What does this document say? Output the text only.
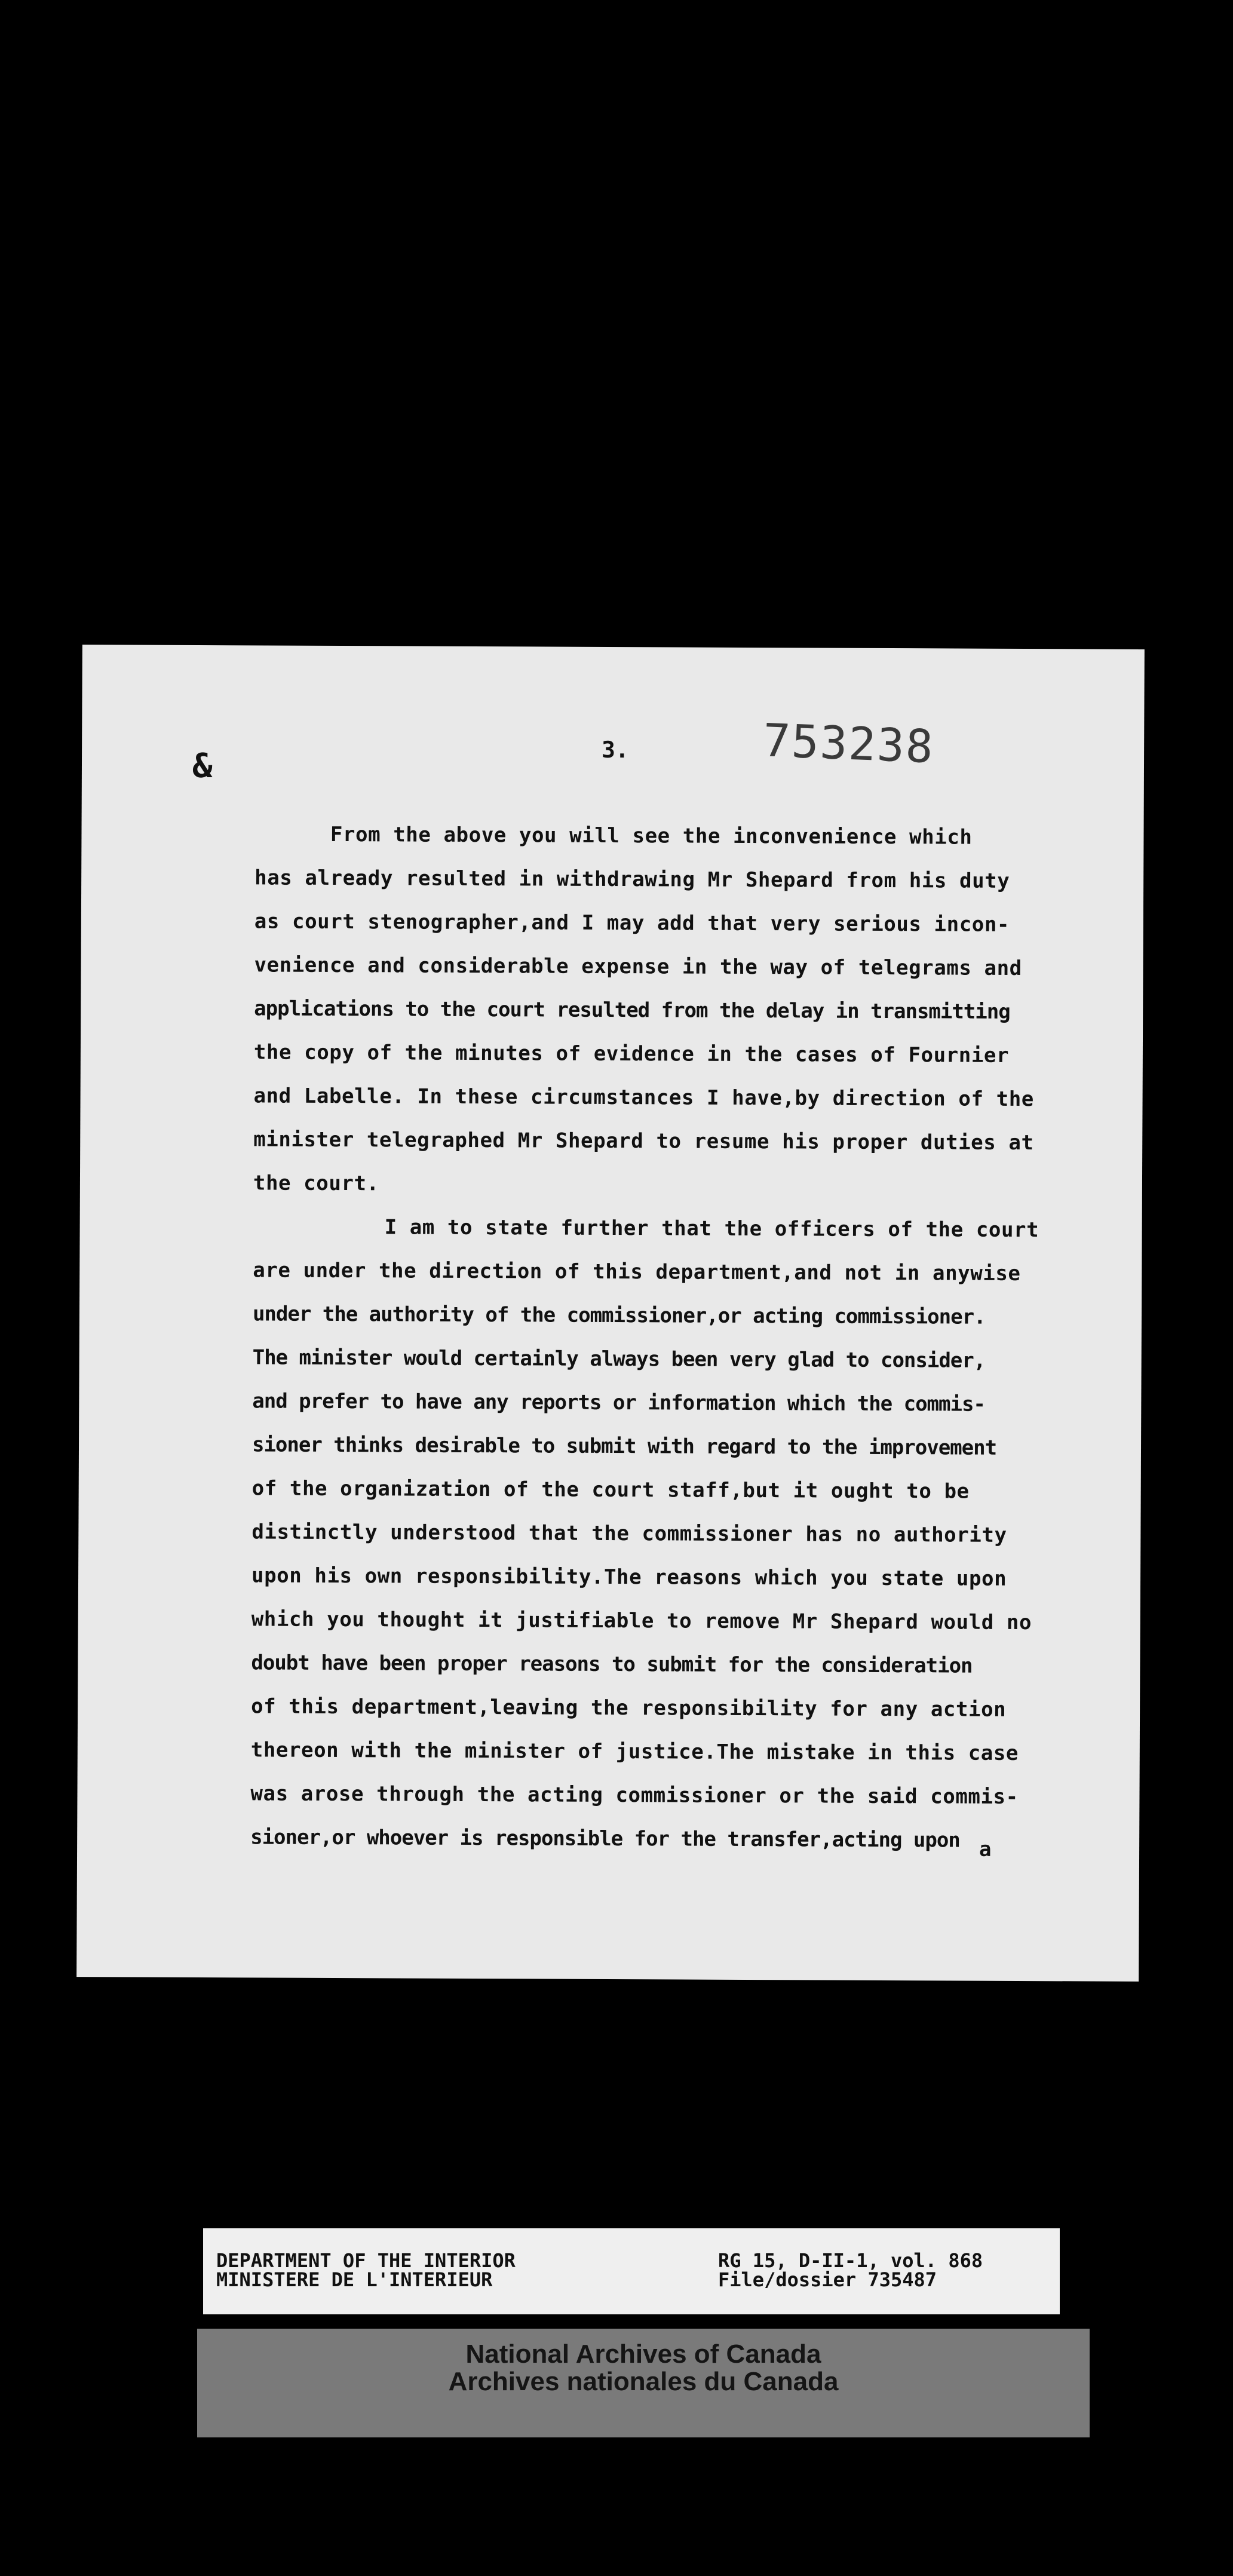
&	3.	753238
From the above you will see the inconvenience which
has already resulted in withdrawing Mr Shepard from his duty
as court stenographer,and I may add that very serious incon-
venience and considerable expense in the way of telegrams and
applications to the court resulted from the delay in transmitting
the copy of the minutes of evidence in the cases of Fournier
and Labelle. In these circumstances I have,by direction of the
minister telegraphed Mr Shepard to resume his proper duties at
the court.
I am to state further that the officers of the court
are under the direction of this department,and not in anywise
under the authority of the commissioner,or acting commissioner.
The minister would certainly always been very glad to consider,
and prefer to have any reports or information which the commis-
sioner thinks desirable to submit with regard to the improvement
of the organization of the court staff,but it ought to be
distinctly understood that the commissioner has no authority
upon his own responsibility.The reasons which you state upon
which you thought it justifiable to remove Mr Shepard would no
doubt have been proper reasons to submit for the consideration
of this department,leaving the responsibility for any action
thereon with the minister of justice.The mistake in this case
was arose through the acting commissioner or the said commis-
sioner,or whoever is responsible for the transfer,acting upon a
DEPARTMENT OF THE INTERIOR
MINISTERE DE L'INTERIEUR
RG 15, D-II-1, vol. 868
File/dossier 735487
National Archives of Canada
Archives nationales du Canada
